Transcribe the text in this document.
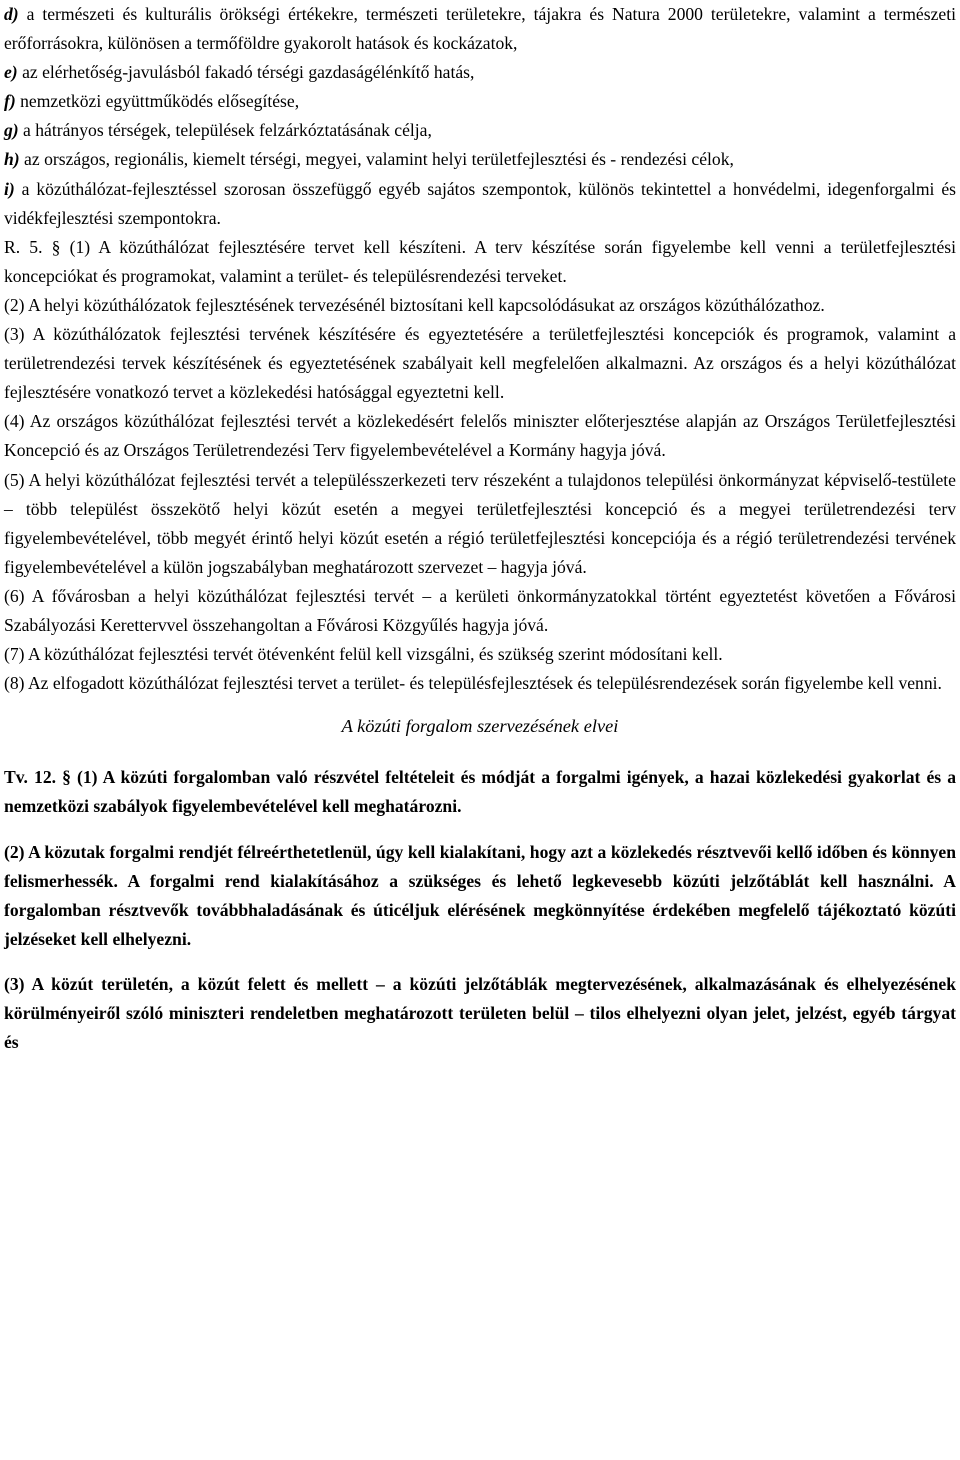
d) a természeti és kulturális örökségi értékekre, természeti területekre, tájakra és Natura 2000 területekre, valamint a természeti erőforrásokra, különösen a termőföldre gyakorolt hatások és kockázatok,

e) az elérhetőség-javulásból fakadó térségi gazdaságélénkítő hatás,

f) nemzetközi együttműködés elősegítése,

g) a hátrányos térségek, települések felzárkóztatásának célja,

h) az országos, regionális, kiemelt térségi, megyei, valamint helyi területfejlesztési és - rendezési célok,

i) a közúthálózat-fejlesztéssel szorosan összefüggő egyéb sajátos szempontok, különös tekintettel a honvédelmi, idegenforgalmi és vidékfejlesztési szempontokra.

R. 5. § (1) A közúthálózat fejlesztésére tervet kell készíteni. A terv készítése során figyelembe kell venni a területfejlesztési koncepciókat és programokat, valamint a terület- és településrendezési terveket.

(2) A helyi közúthálózatok fejlesztésének tervezésénél biztosítani kell kapcsolódásukat az országos közúthálózathoz.

(3) A közúthálózatok fejlesztési tervének készítésére és egyeztetésére a területfejlesztési koncepciók és programok, valamint a területrendezési tervek készítésének és egyeztetésének szabályait kell megfelelően alkalmazni. Az országos és a helyi közúthálózat fejlesztésére vonatkozó tervet a közlekedési hatósággal egyeztetni kell.

(4) Az országos közúthálózat fejlesztési tervét a közlekedésért felelős miniszter előterjesztése alapján az Országos Területfejlesztési Koncepció és az Országos Területrendezési Terv figyelembevételével a Kormány hagyja jóvá.

(5) A helyi közúthálózat fejlesztési tervét a településszerkezeti terv részeként a tulajdonos települési önkormányzat képviselő-testülete – több települést összekötő helyi közút esetén a megyei területfejlesztési koncepció és a megyei területrendezési terv figyelembevételével, több megyét érintő helyi közút esetén a régió területfejlesztési koncepciója és a régió területrendezési tervének figyelembevételével a külön jogszabályban meghatározott szervezet – hagyja jóvá.

(6) A fővárosban a helyi közúthálózat fejlesztési tervét – a kerületi önkormányzatokkal történt egyeztetést követően a Fővárosi Szabályozási Kerettervvel összehangoltan a Fővárosi Közgyűlés hagyja jóvá.

(7) A közúthálózat fejlesztési tervét ötévenként felül kell vizsgálni, és szükség szerint módosítani kell.

(8) Az elfogadott közúthálózat fejlesztési tervet a terület- és településfejlesztések és településrendezések során figyelembe kell venni.

A közúti forgalom szervezésének elvei

Tv. 12. § (1) A közúti forgalomban való részvétel feltételeit és módját a forgalmi igények, a hazai közlekedési gyakorlat és a nemzetközi szabályok figyelembevételével kell meghatározni.

(2) A közutak forgalmi rendjét félreérthetetlenül, úgy kell kialakítani, hogy azt a közlekedés résztvevői kellő időben és könnyen felismerhessék. A forgalmi rend kialakításához a szükséges és lehető legkevesebb közúti jelzőtáblát kell használni. A forgalomban résztvevők továbbhaladásának és úticéljuk elérésének megkönnyítése érdekében megfelelő tájékoztató közúti jelzéseket kell elhelyezni.

(3) A közút területén, a közút felett és mellett – a közúti jelzőtáblák megtervezésének, alkalmazásának és elhelyezésének körülményeiről szóló miniszteri rendeletben meghatározott területen belül – tilos elhelyezni olyan jelet, jelzést, egyéb tárgyat és
